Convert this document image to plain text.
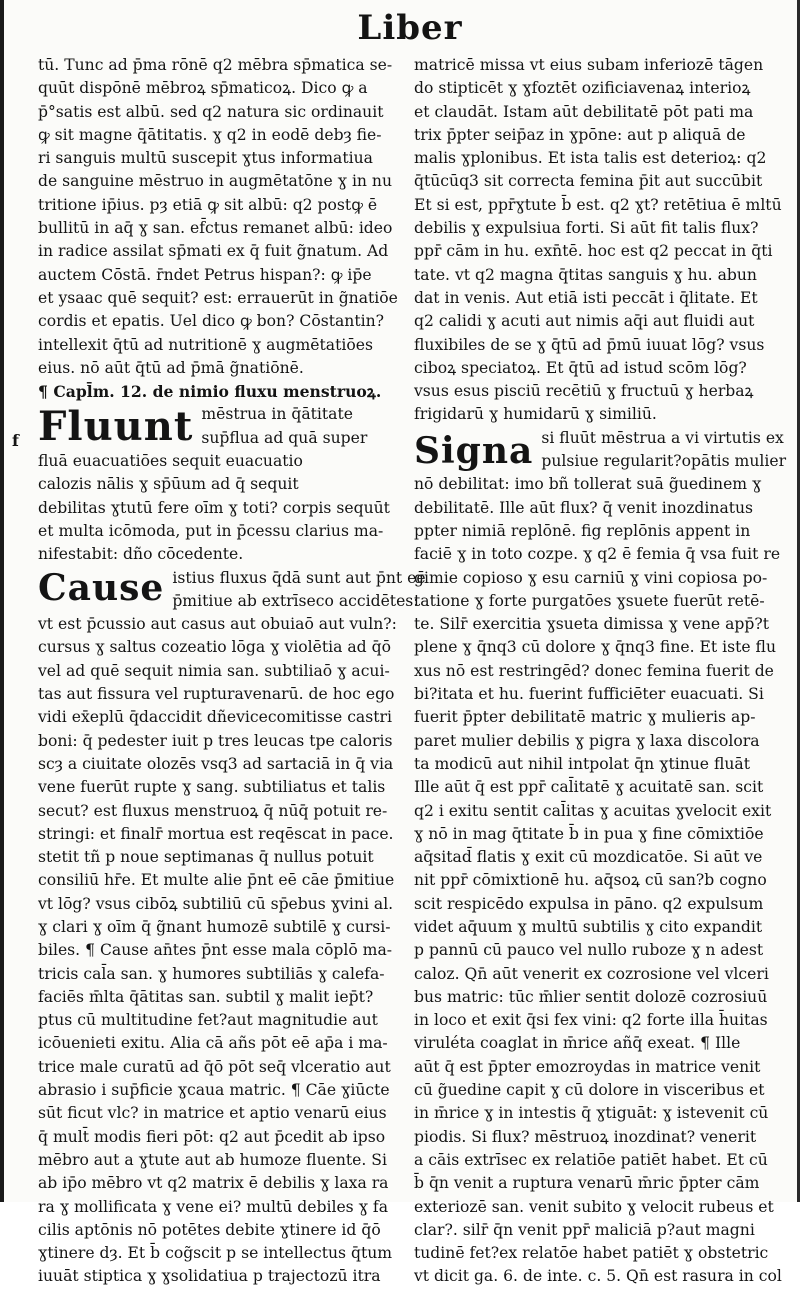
Liber
tū. Tunc ad p̄ma rōnē q2 mēbra sp̄matica se-
quūt dispōnē mēbroꝝ sp̄maticoꝝ. Dico ꝙ a
p̄°satis est albū. sed q2 natura sic ordinauit
ꝙ sit magne q̄ātitatis. ɣ q2 in eodē debȝ fie-
ri sanguis multū suscepit ɣtus informatiua
de sanguine mēstruo in augmētatōne ɣ in nu
tritione ip̄ius. pȝ etiā ꝙ sit albū: q2 postꝙ ē
bullitū in aq̄ ɣ san. ef̄ctus remanet albū: ideo
in radice assilat sp̄mati ex q̄ fuit g̃natum. Ad
auctem Cōstā. r̄ndet Petrus hispan?: ꝙ ip̄e
et ysaac quē sequit? est: errauerūt in g̃natiōe
cordis et epatis. Uel dico ꝙ bon? Cōstantin?
intellexit q̄tū ad nutritionē ɣ augmētatiōes
eius. nō aūt q̄tū ad p̄mā g̃natiōnē.
¶ Capl̄m. 12. de nimio fluxu menstruoꝝ.
f Fluunt mēstrua in q̄ātitate
sup̄flua ad quā super
fluā euacuatiōes sequit euacuatio
calozis nālis ɣ sp̄ūum ad q̄ sequit
debilitas ɣtutū fere oīm ɣ toti? corpis sequūt
et multa icōmoda, put in p̄cessu clarius ma-
nifestabit: dño cōcedente.
Cause istius fluxus q̄dā sunt aut p̄nt eē
p̄mitiue ab extrīseco accidētes:
vt est p̄cussio aut casus aut obuiaō aut vuln?:
cursus ɣ saltus cozeatio lōga ɣ violētia ad q̄ō
vel ad quē sequit nimia san. subtiliaō ɣ acui-
tas aut fissura vel rupturavenarū. de hoc ego
vidi ex̄eplū q̄daccidit dñevicecomitisse castri
boni: q̄ pedester iuit p tres leucas tpe caloris
scȝ a ciuitate olozēs vsq3 ad sartaciā in q̄ via
vene fuerūt rupte ɣ sang. subtiliatus et talis
secut? est fluxus menstruoꝝ q̄ nūq̄ potuit re-
stringi: et finalr̄ mortua est reqēscat in pace.
stetit tñ p noue septimanas q̄ nullus potuit
consiliū hr̄e. Et multe alie p̄nt eē cāe p̄mitiue
vt lōg? vsus cibōꝝ subtiliū cū sp̄ebus ɣvini al.
ɣ clari ɣ oīm q̄ g̃nant humozē subtilē ɣ cursi-
biles. ¶ Cause an̄tes p̄nt esse mala cōplō ma-
tricis cal̄a san. ɣ humores subtiliās ɣ calefa-
faciēs m̄lta q̄ātitas san. subtil ɣ malit iep̄t?
ptus cū multitudine fet?aut magnitudie aut
icōuenieti exitu. Alia cā añs pōt eē ap̄a i ma-
trice male curatū ad q̄ō pōt seq̄ vlceratio aut
abrasio i sup̄ficie ɣcaua matric. ¶ Cāe ɣiūcte
sūt ficut vlc? in matrice et aptio venarū eius
q̄ mult̄ modis fieri pōt: q2 aut p̄cedit ab ipso
mēbro aut a ɣtute aut ab humoze fluente. Si
ab ip̄o mēbro vt q2 matrix ē debilis ɣ laxa ra
ra ɣ mollificata ɣ vene ei? multū debiles ɣ fa
cilis aptōnis nō potētes debite ɣtinere id q̄ō
ɣtinere dȝ. Et b̄ cog̃scit p se intellectus q̄tum
iuuāt stiptica ɣ ɣsolidatiua p trajectozū itra
matricē missa vt eius subam inferiozē tāgen
do stipticēt ɣ ɣfoztēt ozificiavenaꝝ interioꝝ
et claudāt. Istam aūt debilitatē pōt pati ma
trix p̄pter seip̄az in ɣpōne: aut p aliquā de
malis ɣplonibus. Et ista talis est deterioꝝ: q2
q̄tūcūq3 sit correcta femina p̄it aut succūbit
Et si est, ppr̄ɣtute b̄ est. q2 ɣt? retētiua ē mltū
debilis ɣ expulsiua forti. Si aūt fit talis flux?
ppr̄ cām in hu. exn̄tē. hoc est q2 peccat in q̄ti
tate. vt q2 magna q̄titas sanguis ɣ hu. abun
dat in venis. Aut etiā isti peccāt i q̄litate. Et
q2 calidi ɣ acuti aut nimis aq̄i aut fluidi aut
fluxibiles de se ɣ q̄tū ad p̄mū iuuat lōg? vsus
ciboꝝ speciatoꝝ. Et q̄tū ad istud scōm lōg?
vsus esus pisciū recētiū ɣ fructuū ɣ herbaꝝ
frigidarū ɣ humidarū ɣ similiū.
Signa si fluūt mēstrua a vi virtutis ex
pulsiue regularit?opātis mulier
nō debilitat: imo bñ tollerat suā g̃uedinem ɣ
debilitatē. Ille aūt flux? q̄ venit inozdinatus
ppter nimiā replōnē. fig replōnis appent in
faciē ɣ in toto cozpe. ɣ q2 ē femia q̄ vsa fuit re
gimie copioso ɣ esu carniū ɣ vini copiosa po-
tatione ɣ forte purgatōes ɣsuete fuerūt retē-
te. Silr̄ exercitia ɣsueta dimissa ɣ vene app̄?t
plene ɣ q̄nq3 cū dolore ɣ q̄nq3 fine. Et iste flu
xus nō est restringēd? donec femina fuerit de
bi?itata et hu. fuerint fufficiēter euacuati. Si
fuerit p̄pter debilitatē matric ɣ mulieris ap-
paret mulier debilis ɣ pigra ɣ laxa discolora
ta modicū aut nihil intpolat q̄n ɣtinue fluāt
Ille aūt q̄ est ppr̄ cal̄itatē ɣ acuitatē san. scit
q2 i exitu sentit cal̄itas ɣ acuitas ɣvelocit exit
ɣ nō in mag q̄titate b̄ in pua ɣ fine cōmixtiōe
aq̄sitad̄ flatis ɣ exit cū mozdicatōe. Si aūt ve
nit ppr̄ cōmixtionē hu. aq̄soꝝ cū san?b cogno
scit respicēdo expulsa in pāno. q2 expulsum
videt aq̄uum ɣ multū subtilis ɣ cito expandit
p pannū cū pauco vel nullo ruboze ɣ n adest
caloz. Qn̄ aūt venerit ex cozrosione vel vlceri
bus matric: tūc m̄lier sentit dolozē cozrosiuū
in loco et exit q̄si fex vini: q2 forte illa h̄uitas
viruléta coaglat in m̄rice añq̄ exeat. ¶ Ille
aūt q̄ est p̄pter emozroydas in matrice venit
cū g̃uedine capit ɣ cū dolore in visceribus et
in m̄rice ɣ in intestis q̄ ɣtiguāt: ɣ istevenit cū
piodis. Si flux? mēstruoꝝ inozdinat? venerit
a cāis extrīsec ex relatiōe patiēt habet. Et cū
b̄ q̄n venit a ruptura venarū m̄ric p̄pter cām
exteriozē san. venit subito ɣ velocit rubeus et
clar?. silr̄ q̄n venit ppr̄ maliciā p?aut magni
tudinē fet?ex relatōe habet patiēt ɣ obstetric
vt dicit ga. 6. de inte. c. 5. Qn̄ est rasura in col
